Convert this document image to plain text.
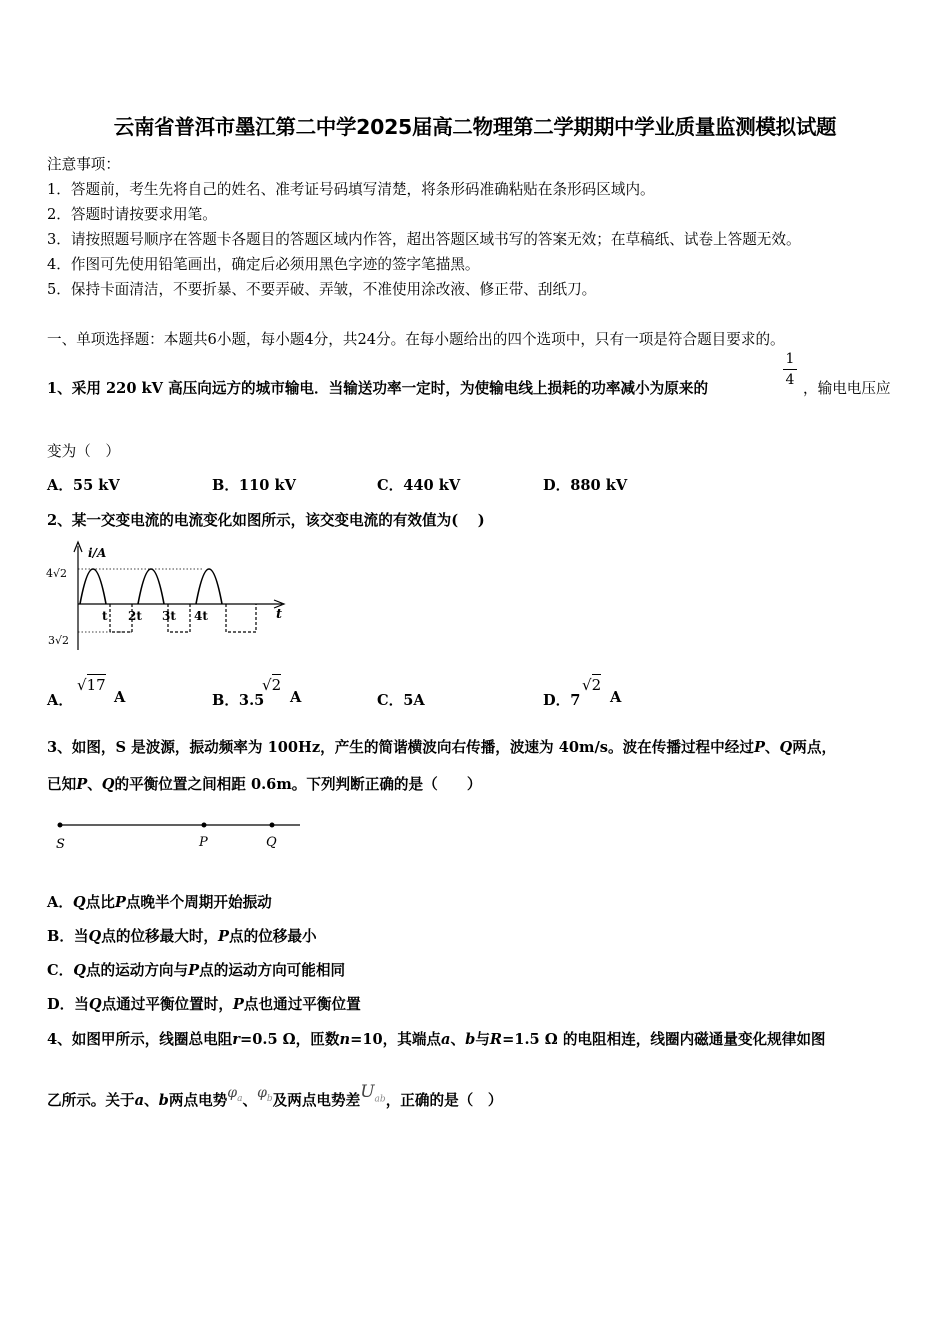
云南省普洱市墨江第二中学2025届高二物理第二学期期中学业质量监测模拟试题
注意事项：
1．答题前，考生先将自己的姓名、准考证号码填写清楚，将条形码准确粘贴在条形码区域内。
2．答题时请按要求用笔。
3．请按照题号顺序在答题卡各题目的答题区域内作答，超出答题区域书写的答案无效；在草稿纸、试卷上答题无效。
4．作图可先使用铅笔画出，确定后必须用黑色字迹的签字笔描黑。
5．保持卡面清洁，不要折暴、不要弄破、弄皱，不准使用涂改液、修正带、刮纸刀。
一、单项选择题：本题共6小题，每小题4分，共24分。在每小题给出的四个选项中，只有一项是符合题目要求的。
1、采用 220 kV 高压向远方的城市输电．当输送功率一定时，为使输电线上损耗的功率减小为原来的
1
4 ，输电电压应
变为（　）
A．55 kV	B．110 kV	C．440 kV	D．880 kV
2、某一交变电流的电流变化如图所示，该交变电流的有效值为(　 )
i/A
t
4√2
3√2
t 2t 3t 4t
A．
√17
A	B．3.5
√2
A	C．5A	D．7
√2
A
3、如图，S 是波源，振动频率为 100Hz，产生的简谐横波向右传播，波速为 40m/s。波在传播过程中经过P、Q两点，
已知P、Q的平衡位置之间相距 0.6m。下列判断正确的是（　　）
S	P	Q
A．Q点比P点晚半个周期开始振动
B．当Q点的位移最大时，P点的位移最小
C．Q点的运动方向与P点的运动方向可能相同
D．当Q点通过平衡位置时，P点也通过平衡位置
4、如图甲所示，线圈总电阻r=0.5 Ω，匝数n=10，其端点a、b与R=1.5 Ω 的电阻相连，线圈内磁通量变化规律如图
乙所示。关于a、b两点电势$\varphi_a$、$\varphi_b$及两点电势差$U_{ab}$，正确的是（　）
